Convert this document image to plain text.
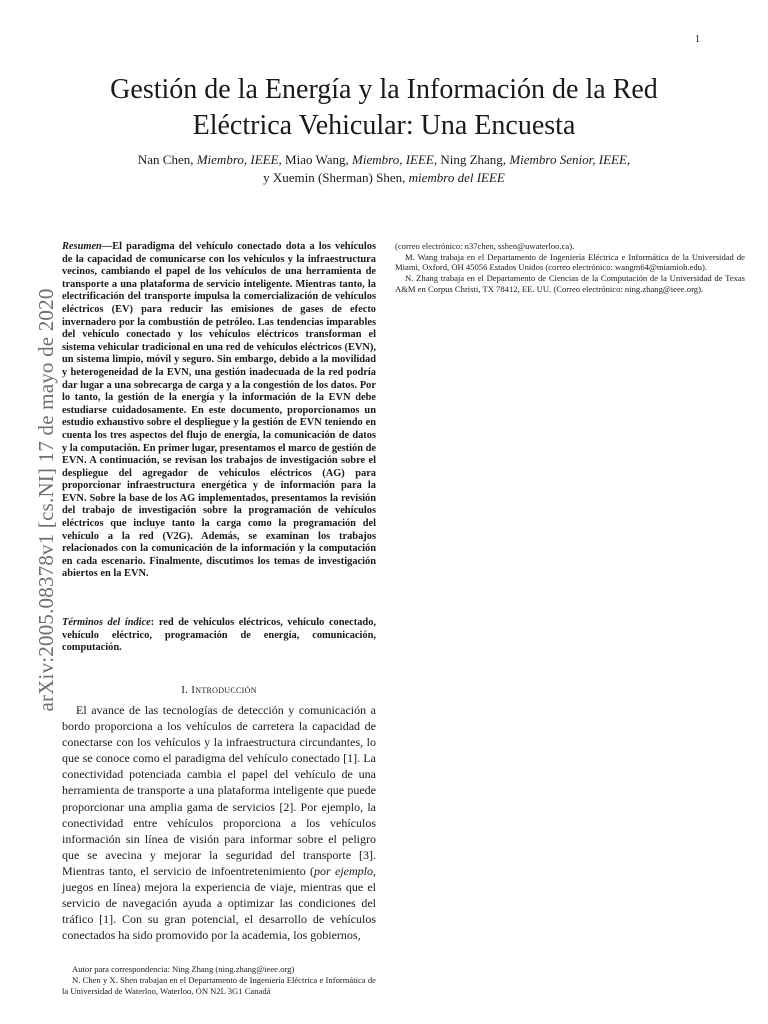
1
arXiv:2005.08378v1 [cs.NI] 17 de mayo de 2020
Gestión de la Energía y la Información de la Red Eléctrica Vehicular: Una Encuesta
Nan Chen, Miembro, IEEE, Miao Wang, Miembro, IEEE, Ning Zhang, Miembro Senior, IEEE,
y Xuemin (Sherman) Shen, miembro del IEEE

Resumen—El paradigma del vehículo conectado dota a los vehículos de la capacidad de comunicarse con los vehículos y la infraestructura vecinos, cambiando el papel de los vehículos de una herramienta de transporte a una plataforma de servicio inteligente. Mientras tanto, la electrificación del transporte impulsa la comercialización de vehículos eléctricos (EV) para reducir las emisiones de gases de efecto invernadero por la combustión de petróleo. Las tendencias imparables del vehículo conectado y los vehículos eléctricos transforman el sistema vehicular tradicional en una red de vehículos eléctricos (EVN), un sistema limpio, móvil y seguro. Sin embargo, debido a la movilidad y heterogeneidad de la EVN, una gestión inadecuada de la red podría dar lugar a una sobrecarga de carga y a la congestión de los datos. Por lo tanto, la gestión de la energía y la información de la EVN debe estudiarse cuidadosamente. En este documento, proporcionamos un estudio exhaustivo sobre el despliegue y la gestión de EVN teniendo en cuenta los tres aspectos del flujo de energía, la comunicación de datos y la computación. En primer lugar, presentamos el marco de gestión de EVN. A continuación, se revisan los trabajos de investigación sobre el despliegue del agregador de vehículos eléctricos (AG) para proporcionar infraestructura energética y de información para la EVN. Sobre la base de los AG implementados, presentamos la revisión del trabajo de investigación sobre la programación de vehículos eléctricos que incluye tanto la carga como la programación del vehículo a la red (V2G). Además, se examinan los trabajos relacionados con la comunicación de la información y la computación en cada escenario. Finalmente, discutimos los temas de investigación abiertos en la EVN.

Términos del índice: red de vehículos eléctricos, vehículo conectado, vehículo eléctrico, programación de energía, comunicación, computación.

I. Introducción

El avance de las tecnologías de detección y comunicación a bordo proporciona a los vehículos de carretera la capacidad de conectarse con los vehículos y la infraestructura circundantes, lo que se conoce como el paradigma del vehículo conectado [1]. La conectividad potenciada cambia el papel del vehículo de una herramienta de transporte a una plataforma inteligente que puede proporcionar una amplia gama de servicios [2]. Por ejemplo, la conectividad entre vehículos proporciona a los vehículos información sin línea de visión para informar sobre el peligro que se avecina y mejorar la seguridad del transporte [3]. Mientras tanto, el servicio de infoentretenimiento (por ejemplo, juegos en línea) mejora la experiencia de viaje, mientras que el servicio de navegación ayuda a optimizar las condiciones del tráfico [1]. Con su gran potencial, el desarrollo de vehículos conectados ha sido promovido por la academia, los gobiernos,

Autor para correspondencia: Ning Zhang (ning.zhang@ieee.org)

N. Chen y X. Shen trabajan en el Departamento de Ingeniería Eléctrica e Informática de la Universidad de Waterloo, Waterloo, ON N2L 3G1 Canadá

(correo electrónico: n37chen, sshen@uwaterloo.ca).

M. Wang trabaja en el Departamento de Ingeniería Eléctrica e Informática de la Universidad de Miami, Oxford, OH 45056 Estados Unidos (correo electrónico: wangm64@miamioh.edu).

N. Zhang trabaja en el Departamento de Ciencias de la Computación de la Universidad de Texas A&M en Corpus Christi, TX 78412, EE. UU. (Correo electrónico: ning.zhang@ieee.org).
